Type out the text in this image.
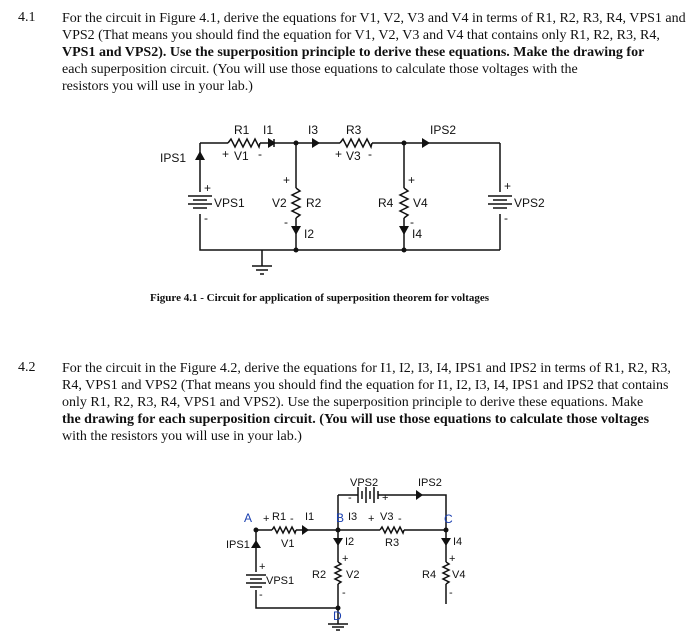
4.1 For the circuit in Figure 4.1, derive the equations for V1, V2, V3 and V4 in terms of R1, R2, R3, R4, VPS1 and
VPS2 (That means you should find the equation for V1, V2, V3 and V4 that contains only R1, R2, R3, R4,
VPS1 and VPS2). Use the superposition principle to derive these equations. Make the drawing for
each superposition circuit. (You will use those equations to calculate those voltages with the
resistors you will use in your lab.)
R1 I1	I3 R3	IPS2
IPS1	+ V1 -	+ V3 -
+
VPS1
-
+
V2
-
R2
I2
R4
+
V4
-
I4
+
VPS2
-
Figure 4.1 - Circuit for application of superposition theorem for voltages
4.2 For the circuit in the Figure 4.2, derive the equations for I1, I2, I3, I4, IPS1 and IPS2 in terms of R1, R2, R3,
R4, VPS1 and VPS2 (That means you should find the equation for I1, I2, I3, I4, IPS1 and IPS2 that contains
only R1, R2, R3, R4, VPS1 and VPS2). Use the superposition principle to derive these equations. Make
the drawing for each superposition circuit. (You will use those equations to calculate those voltages
with the resistors you will use in your lab.)
VPS2
-	+
IPS2
+ R1 - I1	I3 + V3 -
IPS1	V1	I2	R3	I4
+
VPS1
-
R2
+
V2
-
R4
+
V4
-
A	B	C
D
